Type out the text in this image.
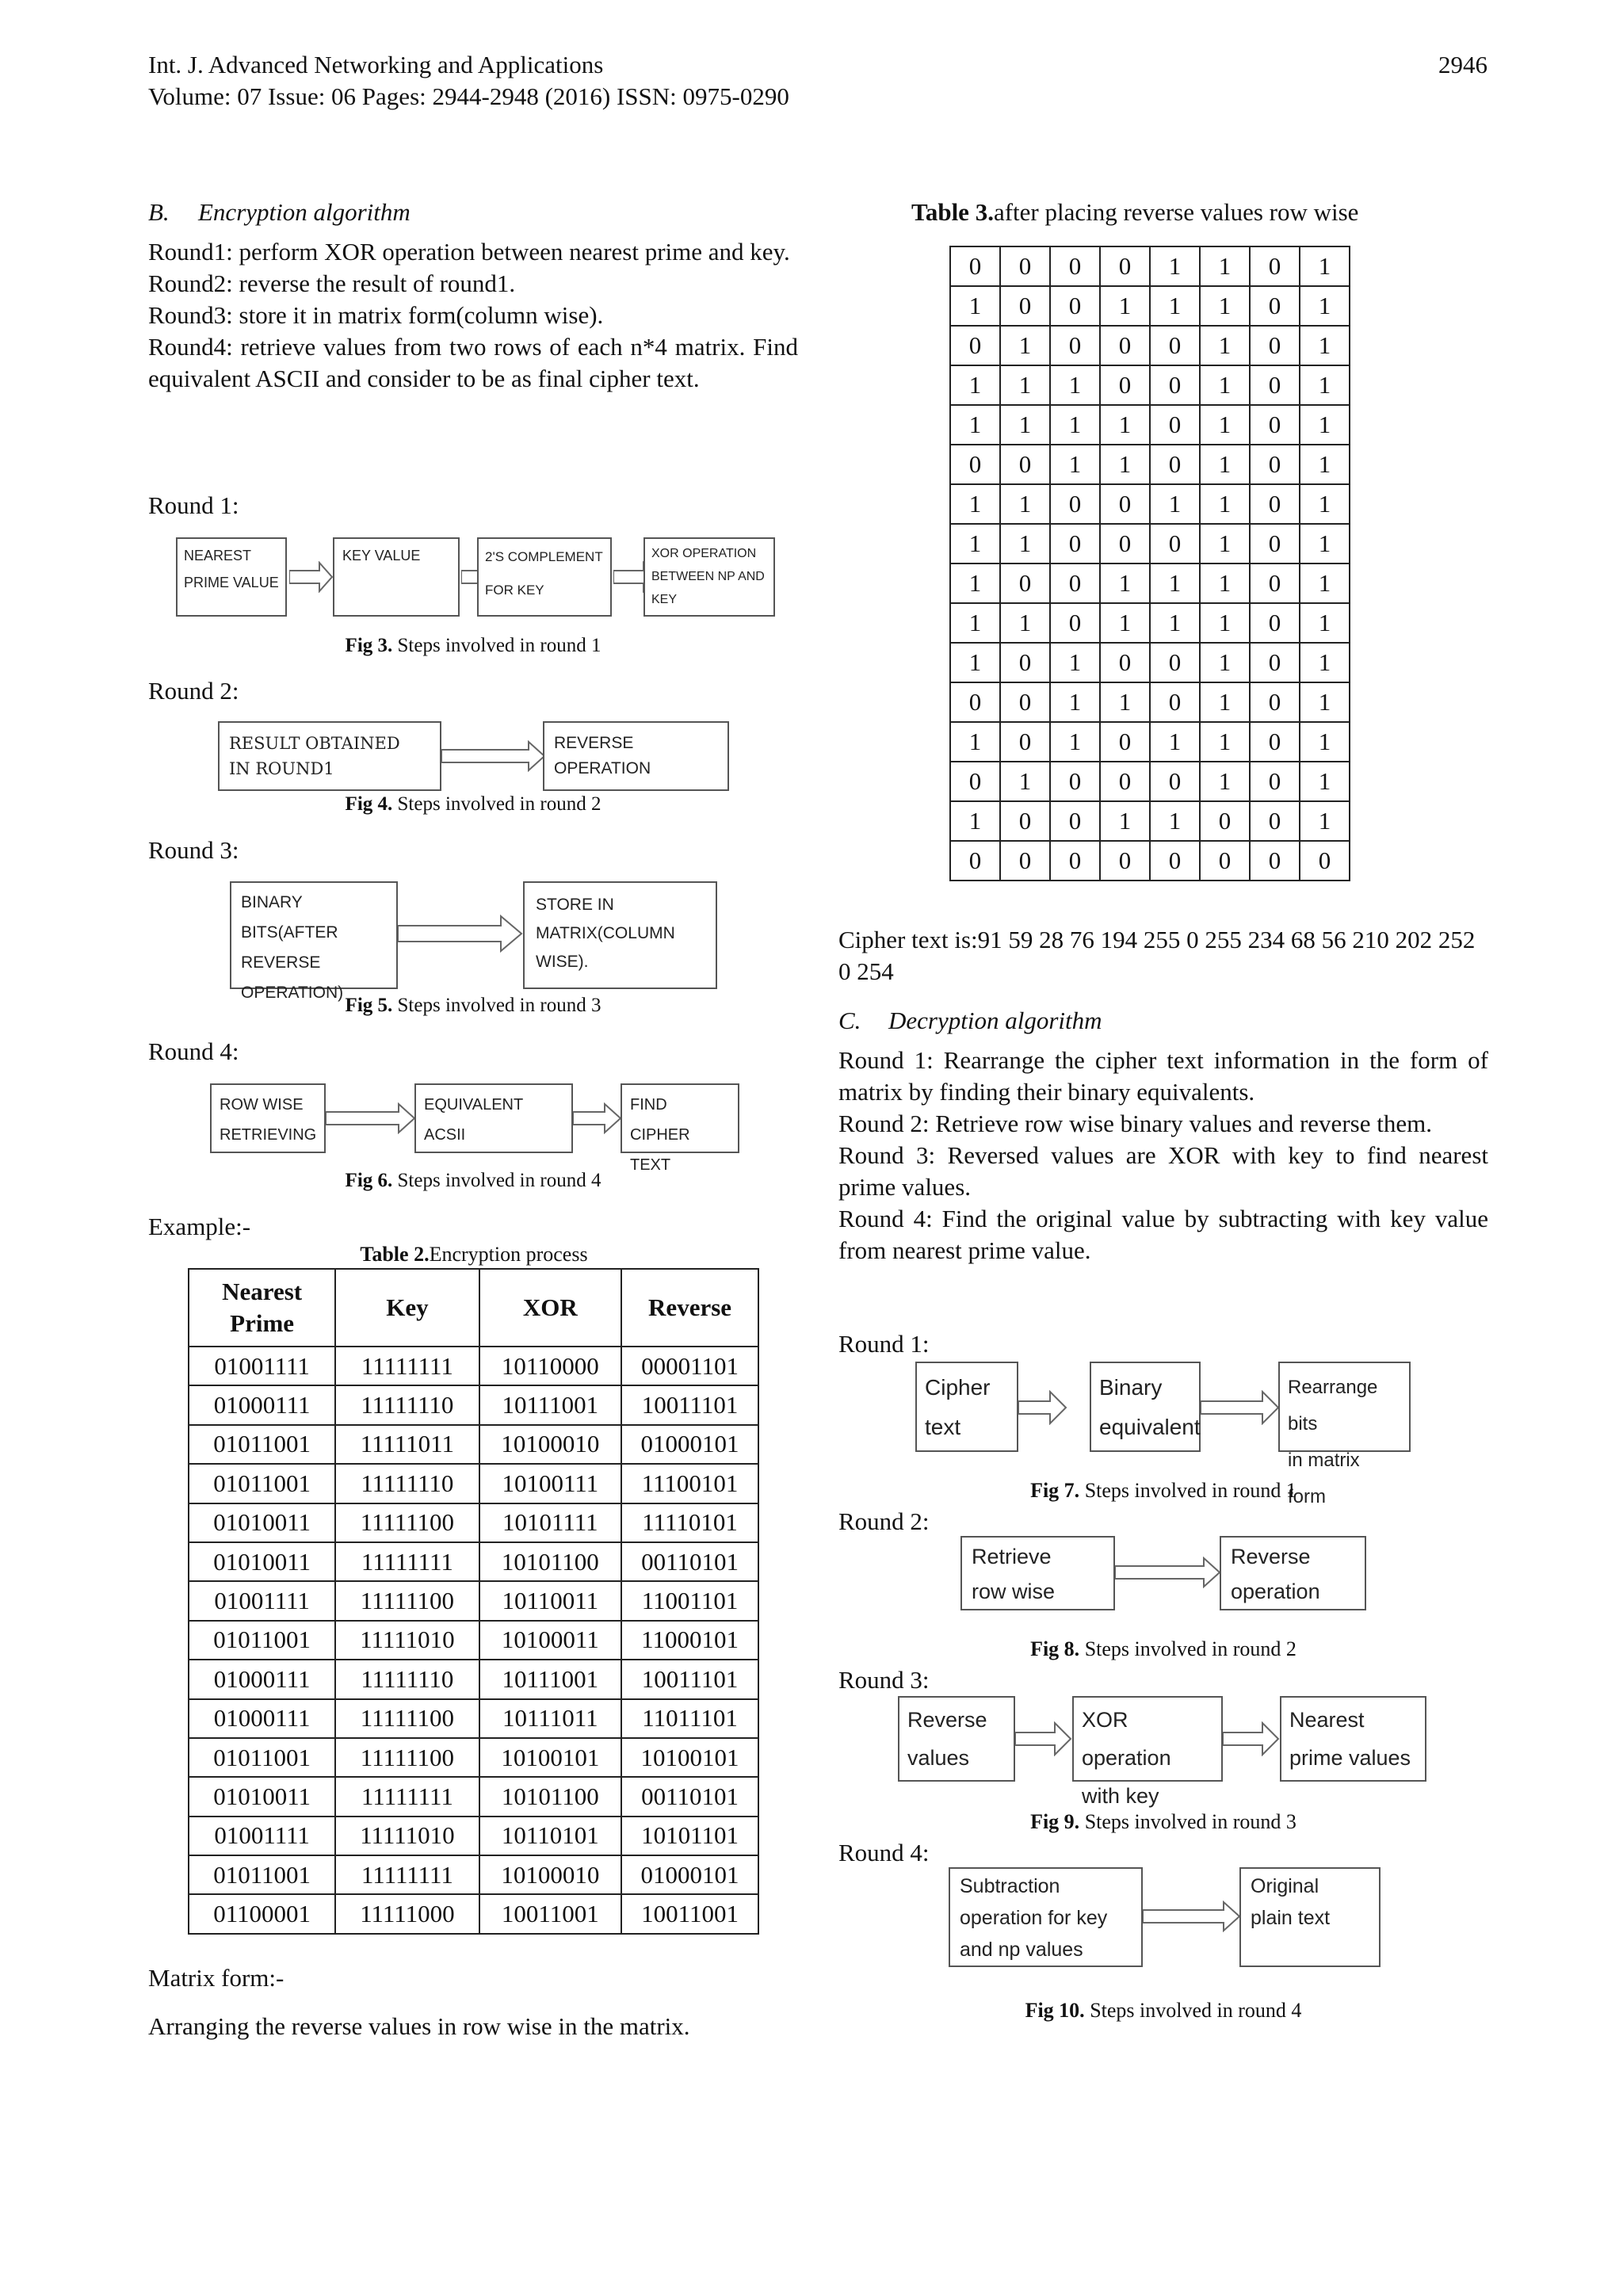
Int. J. Advanced Networking and Applications
Volume: 07 Issue: 06 Pages: 2944-2948 (2016) ISSN: 0975-0290
2946
B. Encryption algorithm

Round1: perform XOR operation between nearest prime and key.

Round2: reverse the result of round1.

Round3: store it in matrix form(column wise).

Round4: retrieve values from two rows of each n*4 matrix. Find equivalent ASCII and consider to be as final cipher text.

Round 1:
NEAREST
PRIME VALUE
KEY VALUE	2'S COMPLEMENT
FOR KEY
XOR OPERATION
BETWEEN NP AND
KEY
Fig 3. Steps involved in round 1
Round 2:
RESULT OBTAINED
IN ROUND1
REVERSE
OPERATION
Fig 4. Steps involved in round 2
Round 3:
BINARY BITS(AFTER
REVERSE
OPERATION)
STORE IN
MATRIX(COLUMN
WISE).
Fig 5. Steps involved in round 3
Round 4:
ROW WISE
RETRIEVING
EQUIVALENT
ACSII
FIND CIPHER
TEXT
Fig 6. Steps involved in round 4
Example:-
Table 2.Encryption process
Nearest Prime	Key	XOR	Reverse
01001111	11111111	10110000	00001101
01000111	11111110	10111001	10011101
01011001	11111011	10100010	01000101
01011001	11111110	10100111	11100101
01010011	11111100	10101111	11110101
01010011	11111111	10101100	00110101
01001111	11111100	10110011	11001101
01011001	11111010	10100011	11000101
01000111	11111110	10111001	10011101
01000111	11111100	10111011	11011101
01011001	11111100	10100101	10100101
01010011	11111111	10101100	00110101
01001111	11111010	10110101	10101101
01011001	11111111	10100010	01000101
01100001	11111000	10011001	10011001
Matrix form:-
Arranging the reverse values in row wise in the matrix.
Table 3.after placing reverse values row wise
0	0	0	0	1	1	0	1
1	0	0	1	1	1	0	1
0	1	0	0	0	1	0	1
1	1	1	0	0	1	0	1
1	1	1	1	0	1	0	1
0	0	1	1	0	1	0	1
1	1	0	0	1	1	0	1
1	1	0	0	0	1	0	1
1	0	0	1	1	1	0	1
1	1	0	1	1	1	0	1
1	0	1	0	0	1	0	1
0	0	1	1	0	1	0	1
1	0	1	0	1	1	0	1
0	1	0	0	0	1	0	1
1	0	0	1	1	0	0	1
0	0	0	0	0	0	0	0

Cipher text is:91 59 28 76 194 255 0 255 234 68 56 210 202 252 0 254

C. Decryption algorithm

Round 1: Rearrange the cipher text information in the form of matrix by finding their binary equivalents.

Round 2: Retrieve row wise binary values and reverse them.

Round 3: Reversed values are XOR with key to find nearest prime values.

Round 4: Find the original value by subtracting with key value from nearest prime value.

Round 1:
Cipher
text
Binary
equivalent
Rearrange bits
in matrix form
Fig 7. Steps involved in round 1
Round 2:
Retrieve
row wise
Reverse
operation
Fig 8. Steps involved in round 2
Round 3:
Reverse
values
XOR operation
with key
Nearest
prime values
Fig 9. Steps involved in round 3
Round 4:
Subtraction
operation for key
and np values
Original
plain text
Fig 10. Steps involved in round 4
